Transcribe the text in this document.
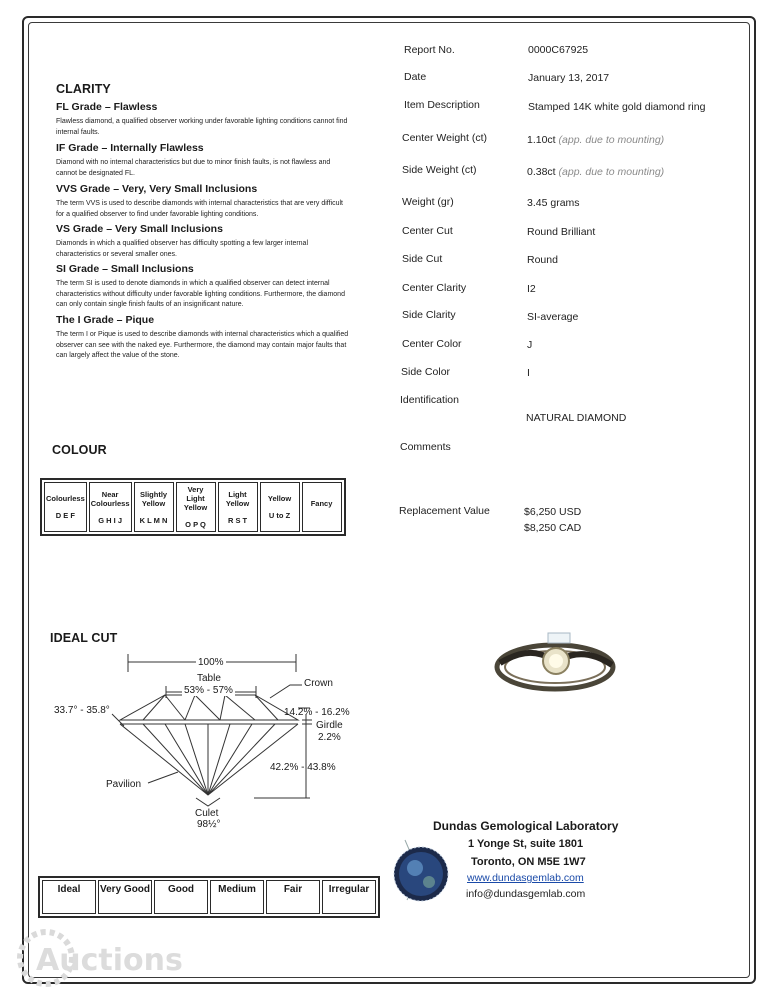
CLARITY
FL Grade – Flawless
Flawless diamond, a qualified observer working under favorable lighting conditions cannot find internal faults.
IF Grade – Internally Flawless
Diamond with no internal characteristics but due to minor finish faults, is not flawless and cannot be designated FL.
VVS Grade – Very, Very Small Inclusions
The term VVS is used to describe diamonds with internal characteristics that are very difficult for a qualified observer to find under favorable lighting conditions.
VS Grade – Very Small Inclusions
Diamonds in which a qualified observer has difficulty spotting a few larger internal characteristics or several smaller ones.
SI Grade – Small Inclusions
The term SI is used to denote diamonds in which a qualified observer can detect internal characteristics without difficulty under favorable lighting conditions. Furthermore, the diamond can only contain single finish faults of an insignificant nature.
The I Grade – Pique
The term I or Pique is used to describe diamonds with internal characteristics which a qualified observer can see with the naked eye. Furthermore, the diamond may contain major faults that can largely affect the value of the stone.
Report No.	0000C67925
Date	January 13, 2017
Item Description	Stamped 14K white gold diamond ring
Center Weight (ct)	1.10ct (app. due to mounting)
Side Weight (ct)	0.38ct (app. due to mounting)
Weight (gr)	3.45 grams
Center Cut	Round Brilliant
Side Cut	Round
Center Clarity	I2
Side Clarity	SI-average
Center Color	J
Side Color	I
Identification
NATURAL DIAMOND
Comments
Replacement Value	$6,250 USD
$8,250 CAD
COLOUR
Colourless
D E F
	Near Colourless
G H I J
	Slightly Yellow
K L M N
	Very Light Yellow
O P Q
	Light Yellow
R S T
	Yellow
U to Z
	Fancy
IDEAL CUT
100%
Table
53% - 57%
Crown
33.7° - 35.8°	14.2% - 16.2%
Girdle
2.2%
42.2% - 43.8%
Pavilion
Culet
98½°
Ideal	Very Good	Good	Medium	Fair	Irregular
Dundas Gemological Laboratory
1 Yonge St, suite 1801
Toronto, ON M5E 1W7
www.dundasgemlab.com
info@dundasgemlab.com
Auctions
